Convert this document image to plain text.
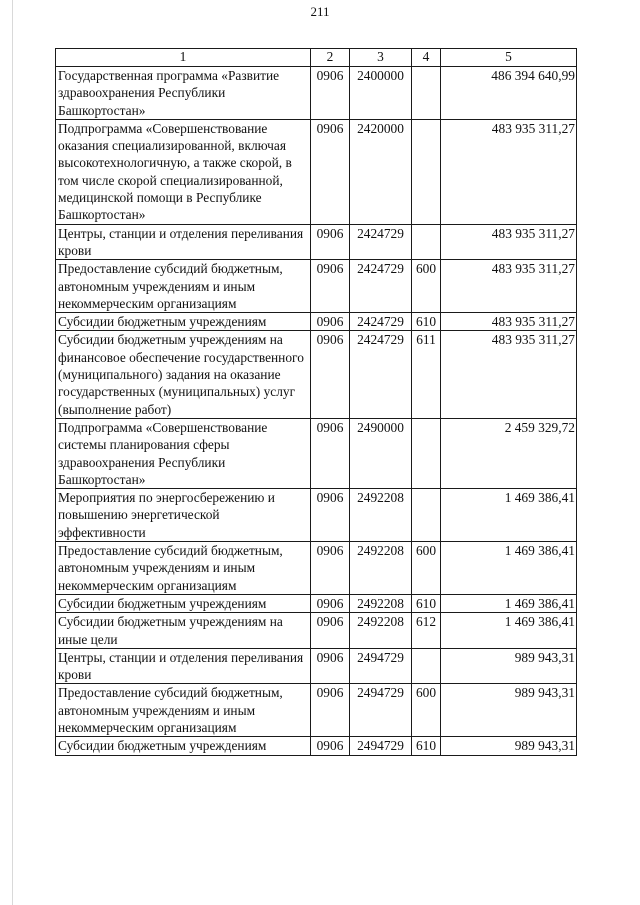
211
1	2	3	4	5
Государственная программа «Развитие здравоохранения Республики Башкортостан»	0906	2400000		486 394 640,99
Подпрограмма «Совершенствование оказания специализированной, включая высокотехнологичную, а также скорой, в том числе скорой специализированной, медицинской помощи в Республике Башкортостан»	0906	2420000		483 935 311,27
Центры, станции и отделения переливания крови	0906	2424729		483 935 311,27
Предоставление субсидий бюджетным, автономным учреждениям и иным некоммерческим организациям	0906	2424729	600	483 935 311,27
Субсидии бюджетным учреждениям	0906	2424729	610	483 935 311,27
Субсидии бюджетным учреждениям на финансовое обеспечение государственного (муниципального) задания на оказание государственных (муниципальных) услуг (выполнение работ)	0906	2424729	611	483 935 311,27
Подпрограмма «Совершенствование системы планирования сферы здравоохранения Республики Башкортостан»	0906	2490000		2 459 329,72
Мероприятия по энергосбережению и повышению энергетической эффективности	0906	2492208		1 469 386,41
Предоставление субсидий бюджетным, автономным учреждениям и иным некоммерческим организациям	0906	2492208	600	1 469 386,41
Субсидии бюджетным учреждениям	0906	2492208	610	1 469 386,41
Субсидии бюджетным учреждениям на иные цели	0906	2492208	612	1 469 386,41
Центры, станции и отделения переливания крови	0906	2494729		989 943,31
Предоставление субсидий бюджетным, автономным учреждениям и иным некоммерческим организациям	0906	2494729	600	989 943,31
Субсидии бюджетным учреждениям	0906	2494729	610	989 943,31
